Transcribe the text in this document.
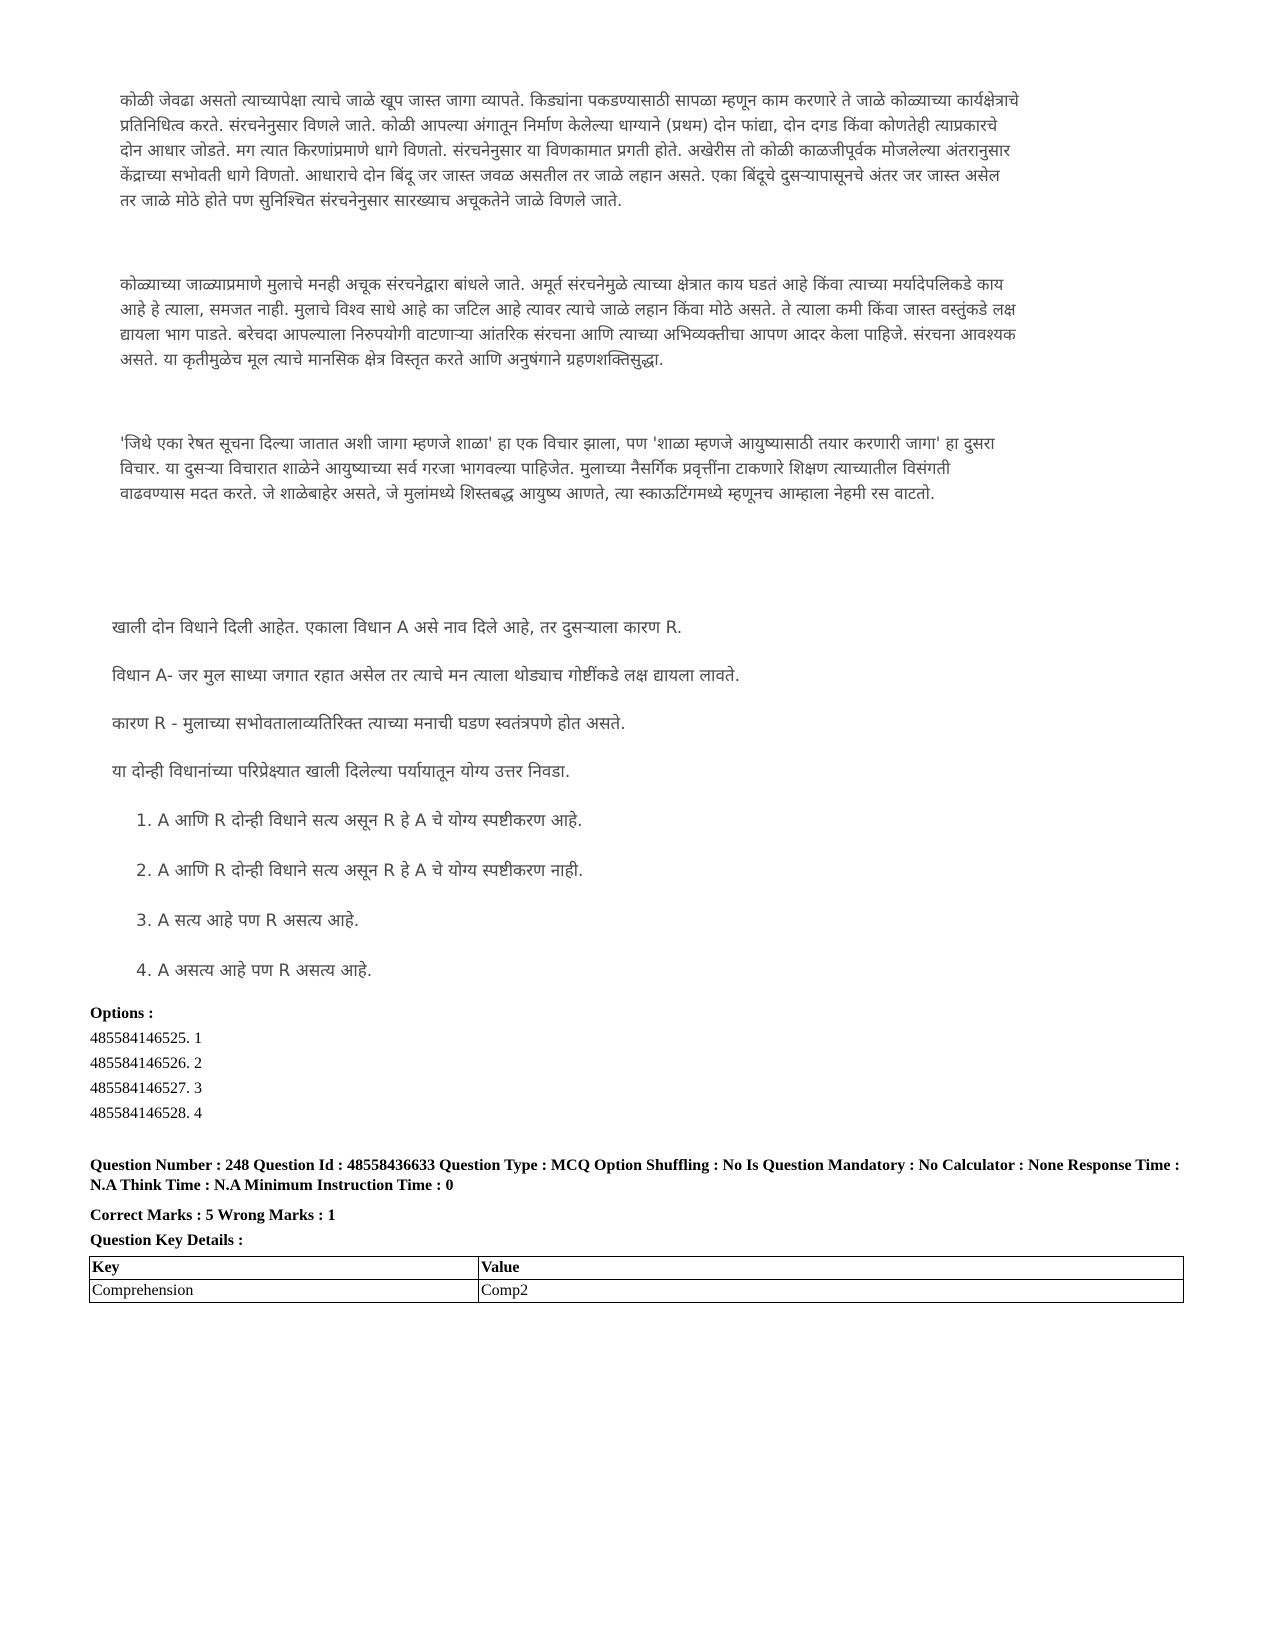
कोळी जेवढा असतो त्याच्यापेक्षा त्याचे जाळे खूप जास्त जागा व्यापते. किड्यांना पकडण्यासाठी सापळा म्हणून काम करणारे ते जाळे कोळ्याच्या कार्यक्षेत्राचे प्रतिनिधित्व करते. संरचनेनुसार विणले जाते. कोळी आपल्या अंगातून निर्माण केलेल्या धाग्याने (प्रथम) दोन फांद्या, दोन दगड किंवा कोणतेही त्याप्रकारचे दोन आधार जोडते. मग त्यात किरणांप्रमाणे धागे विणतो. संरचनेनुसार या विणकामात प्रगती होते. अखेरीस तो कोळी काळजीपूर्वक मोजलेल्या अंतरानुसार केंद्राच्या सभोवती धागे विणतो. आधाराचे दोन बिंदू जर जास्त जवळ असतील तर जाळे लहान असते. एका बिंदूचे दुसऱ्यापासूनचे अंतर जर जास्त असेल तर जाळे मोठे होते पण सुनिश्चित संरचनेनुसार सारख्याच अचूकतेने जाळे विणले जाते.

कोळ्याच्या जाळ्याप्रमाणे मुलाचे मनही अचूक संरचनेद्वारा बांधले जाते. अमूर्त संरचनेमुळे त्याच्या क्षेत्रात काय घडतं आहे किंवा त्याच्या मर्यादेपलिकडे काय आहे हे त्याला, समजत नाही. मुलाचे विश्व साधे आहे का जटिल आहे त्यावर त्याचे जाळे लहान किंवा मोठे असते. ते त्याला कमी किंवा जास्त वस्तुंकडे लक्ष द्यायला भाग पाडते. बरेचदा आपल्याला निरुपयोगी वाटणाऱ्या आंतरिक संरचना आणि त्याच्या अभिव्यक्तीचा आपण आदर केला पाहिजे. संरचना आवश्यक असते. या कृतीमुळेच मूल त्याचे मानसिक क्षेत्र विस्तृत करते आणि अनुषंगाने ग्रहणशक्तिसुद्धा.

'जिथे एका रेषत सूचना दिल्या जातात अशी जागा म्हणजे शाळा' हा एक विचार झाला, पण 'शाळा म्हणजे आयुष्यासाठी तयार करणारी जागा' हा दुसरा विचार. या दुसऱ्या विचारात शाळेने आयुष्याच्या सर्व गरजा भागवल्या पाहिजेत. मुलाच्या नैसर्गिक प्रवृत्तींना टाकणारे शिक्षण त्याच्यातील विसंगती वाढवण्यास मदत करते. जे शाळेबाहेर असते, जे मुलांमध्ये शिस्तबद्ध आयुष्य आणते, त्या स्काऊटिंगमध्ये म्हणूनच आम्हाला नेहमी रस वाटतो.

खाली दोन विधाने दिली आहेत. एकाला विधान A असे नाव दिले आहे, तर दुसऱ्याला कारण R.

विधान A- जर मुल साध्या जगात रहात असेल तर त्याचे मन त्याला थोड्याच गोष्टींकडे लक्ष द्यायला लावते.

कारण R - मुलाच्या सभोवतालाव्यतिरिक्त त्याच्या मनाची घडण स्वतंत्रपणे होत असते.

या दोन्ही विधानांच्या परिप्रेक्ष्यात खाली दिलेल्या पर्यायातून योग्य उत्तर निवडा.

1. A आणि R दोन्ही विधाने सत्य असून R हे A चे योग्य स्पष्टीकरण आहे.

2. A आणि R दोन्ही विधाने सत्य असून R हे A चे योग्य स्पष्टीकरण नाही.

3. A सत्य आहे पण R असत्य आहे.

4. A असत्य आहे पण R असत्य आहे.

Options :

485584146525. 1

485584146526. 2

485584146527. 3

485584146528. 4

Question Number : 248 Question Id : 48558436633 Question Type : MCQ Option Shuffling : No Is Question Mandatory : No Calculator : None Response Time : N.A Think Time : N.A Minimum Instruction Time : 0

Correct Marks : 5 Wrong Marks : 1

Question Key Details :

Key	Value
Comprehension	Comp2
